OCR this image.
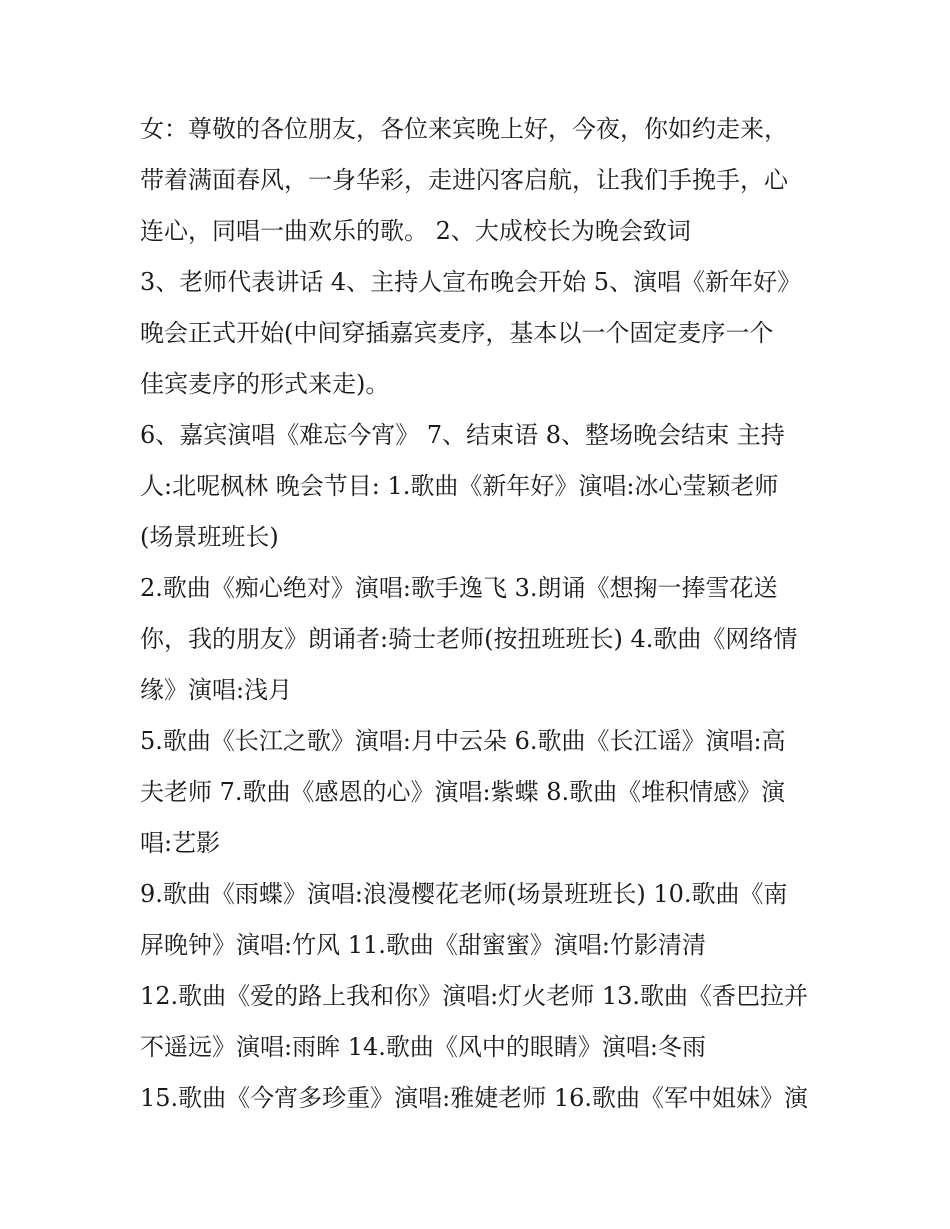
女：尊敬的各位朋友，各位来宾晚上好，今夜，你如约走来，
带着满面春风，一身华彩，走进闪客启航，让我们手挽手，心
连心，同唱一曲欢乐的歌。 2、大成校长为晚会致词
3、老师代表讲话 4、主持人宣布晚会开始 5、演唱《新年好》
晚会正式开始(中间穿插嘉宾麦序，基本以一个固定麦序一个
佳宾麦序的形式来走)。
6、嘉宾演唱《难忘今宵》 7、结束语 8、整场晚会结束 主持
人:北呢枫林 晚会节目: 1.歌曲《新年好》演唱:冰心莹颖老师
(场景班班长)
2.歌曲《痴心绝对》演唱:歌手逸飞 3.朗诵《想掬一捧雪花送
你，我的朋友》朗诵者:骑士老师(按扭班班长) 4.歌曲《网络情
缘》演唱:浅月
5.歌曲《长江之歌》演唱:月中云朵 6.歌曲《长江谣》演唱:高
夫老师 7.歌曲《感恩的心》演唱:紫蝶 8.歌曲《堆积情感》演
唱:艺影
9.歌曲《雨蝶》演唱:浪漫樱花老师(场景班班长) 10.歌曲《南
屏晚钟》演唱:竹风 11.歌曲《甜蜜蜜》演唱:竹影清清
12.歌曲《爱的路上我和你》演唱:灯火老师 13.歌曲《香巴拉并
不遥远》演唱:雨眸 14.歌曲《风中的眼睛》演唱:冬雨
15.歌曲《今宵多珍重》演唱:雅婕老师 16.歌曲《军中姐妹》演
